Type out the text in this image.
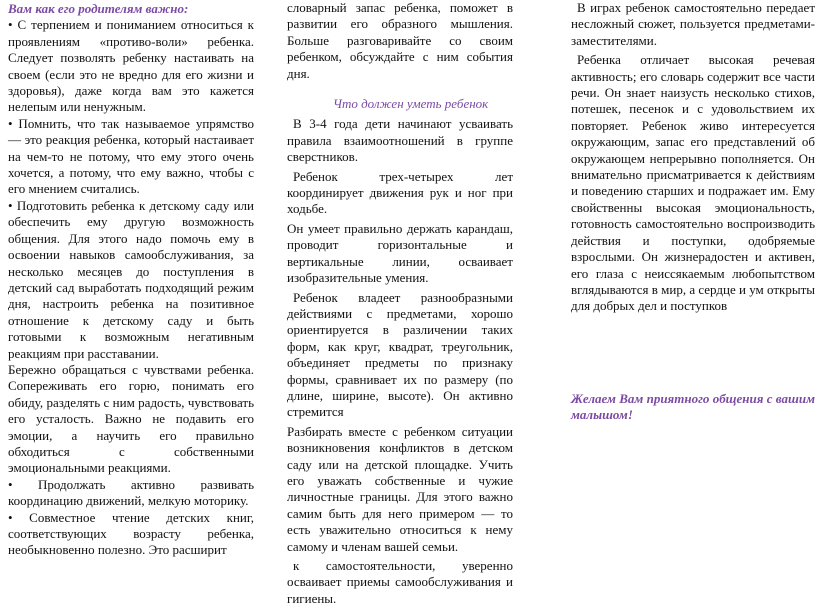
Вам как его родителям важно:

• С терпением и пониманием относиться к проявлениям «противо-воли» ребенка. Следует позволять ребенку настаивать на своем (если это не вредно для его жизни и здоровья), даже когда вам это кажется нелепым или ненужным.

• Помнить, что так называемое упрямство — это реакция ребенка, который настаивает на чем-то не потому, что ему этого очень хочется, а потому, что ему важно, чтобы с его мнением считались.

• Подготовить ребенка к детскому саду или обеспечить ему другую возможность общения. Для этого надо помочь ему в освоении навыков самообслуживания, за несколько месяцев до поступления в детский сад выработать подходящий режим дня, настроить ребенка на позитивное отношение к детскому саду и быть готовыми к возможным негативным реакциям при расставании.

Бережно обращаться с чувствами ребенка. Сопереживать его горю, понимать его обиду, разделять с ним радость, чувствовать его усталость. Важно не подавить его эмоции, а научить его правильно обходиться с собственными эмоциональными реакциями.

• Продолжать активно развивать координацию движений, мелкую моторику.

• Совместное чтение детских книг, соответствующих возрасту ребенка, необыкновенно полезно. Это расширит

словарный запас ребенка, поможет в развитии его образного мышления. Больше разговаривайте со своим ребенком, обсуждайте с ним события дня.

Что должен уметь ребенок

В 3-4 года дети начинают усваивать правила взаимоотношений в группе сверстников.

Ребенок трех-четырех лет координирует движения рук и ног при ходьбе.

Он умеет правильно держать карандаш, проводит горизонтальные и вертикальные линии, осваивает изобразительные умения.

Ребенок владеет разнообразными действиями с предметами, хорошо ориентируется в различении таких форм, как круг, квадрат, треугольник, объединяет предметы по признаку формы, сравнивает их по размеру (по длине, ширине, высоте). Он активно стремится

Разбирать вместе с ребенком ситуации возникновения конфликтов в детском саду или на детской площадке. Учить его уважать собственные и чужие личностные границы. Для этого важно самим быть для него примером — то есть уважительно относиться к нему самому и членам вашей семьи.

к самостоятельности, уверенно осваивает приемы самообслуживания и гигиены.

В играх ребенок самостоятельно передает несложный сюжет, пользуется предметами-заместителями.

Ребенка отличает высокая речевая активность; его словарь содержит все части речи. Он знает наизусть несколько стихов, потешек, песенок и с удовольствием их повторяет. Ребенок живо интересуется окружающим, запас его представлений об окружающем непрерывно пополняется. Он внимательно присматривается к действиям и поведению старших и подражает им. Ему свойственны высокая эмоциональность, готовность самостоятельно воспроизводить действия и поступки, одобряемые взрослыми. Он жизнерадостен и активен, его глаза с неиссякаемым любопытством вглядываются в мир, а сердце и ум открыты для добрых дел и поступков

Желаем Вам приятного общения с вашим малышом!
